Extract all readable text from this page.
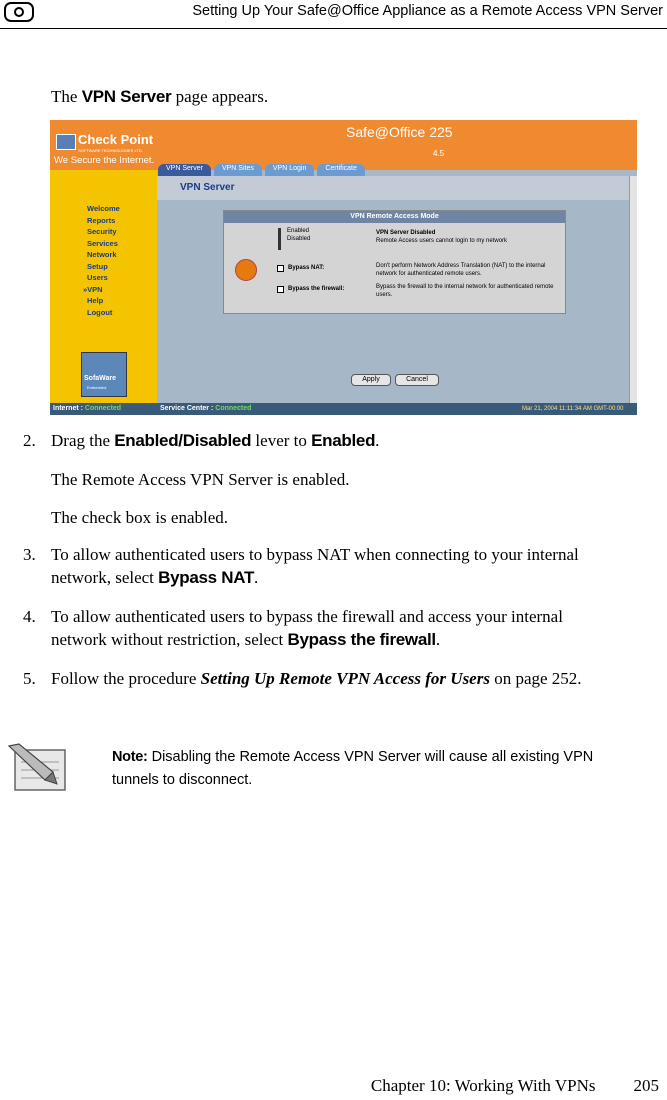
Setting Up Your Safe@Office Appliance as a Remote Access VPN Server
The VPN Server page appears.
Check Point
SOFTWARE TECHNOLOGIES LTD.
We Secure the Internet.
Safe@Office 225
4.5
VPN Server	VPN Sites	VPN Login	Certificate
Welcome
Reports
Security
Services
Network
Setup
Users
»VPN
Help
Logout
SofaWare
Embedded
VPN Server
VPN Remote Access Mode
Enabled
Disabled
VPN Server Disabled
Remote Access users cannot login to my network
Bypass NAT:	Don't perform Network Address Translation (NAT) to the internal network for authenticated remote users.
Bypass the firewall:	Bypass the firewall to the internal network for authenticated remote users.
Apply	Cancel
Internet : Connected	Service Center : Connected	Mar 21, 2004 11:11:34 AM GMT-00:00
2. Drag the Enabled/Disabled lever to Enabled.
The Remote Access VPN Server is enabled.
The check box is enabled.
3. To allow authenticated users to bypass NAT when connecting to your internal network, select Bypass NAT.
4. To allow authenticated users to bypass the firewall and access your internal network without restriction, select Bypass the firewall.
5. Follow the procedure Setting Up Remote VPN Access for Users on page 252.
Note: Disabling the Remote Access VPN Server will cause all existing VPN tunnels to disconnect.
Chapter 10: Working With VPNs 205
